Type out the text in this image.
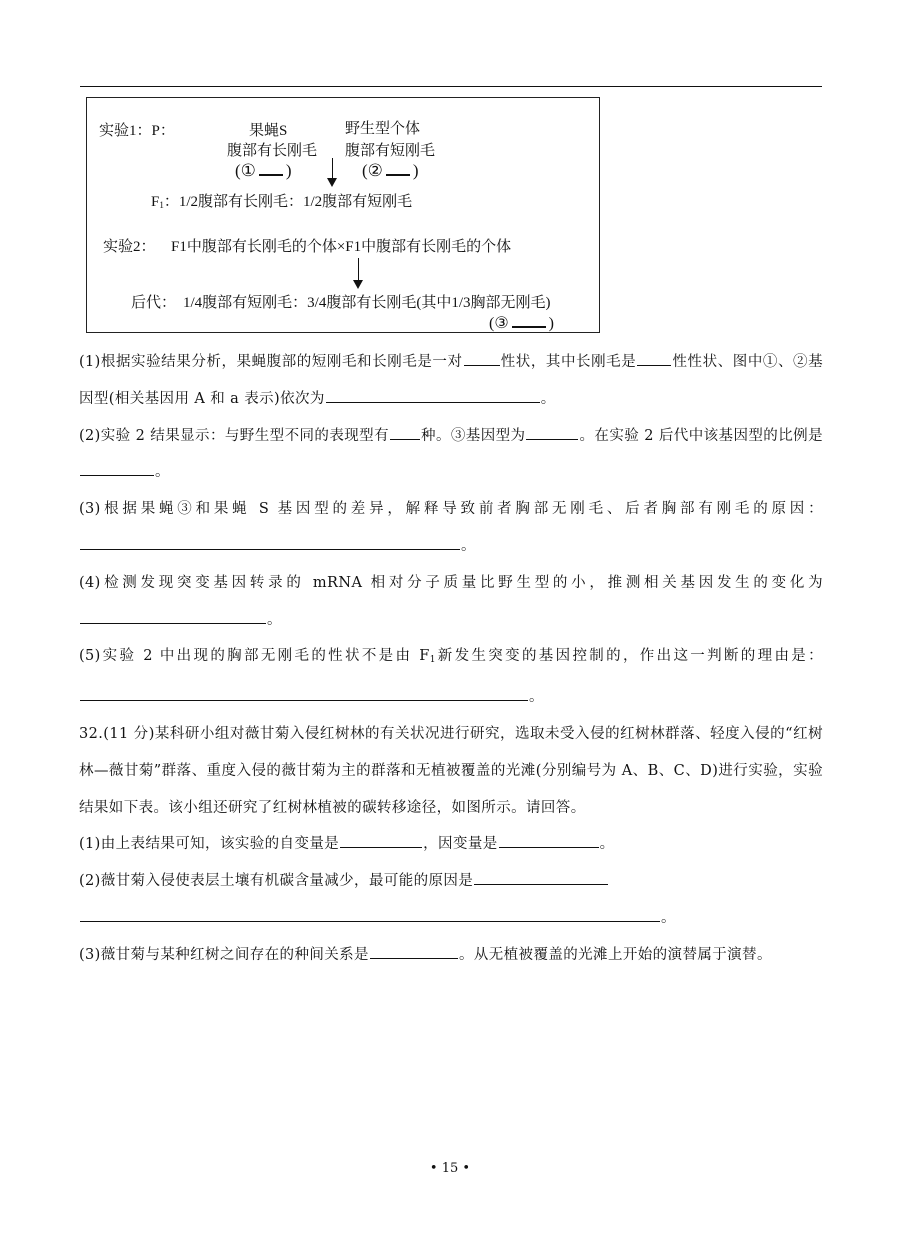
实验1：P：	果蝇S
腹部有长刚毛
(① )
野生型个体
腹部有短刚毛
(② )
$F_1$：1/2腹部有长刚毛：1/2腹部有短刚毛
实验2： F1中腹部有长刚毛的个体×F1中腹部有长刚毛的个体
后代： 1/4腹部有短刚毛：3/4腹部有长刚毛(其中1/3胸部无刚毛)
(③	)

(1)根据实验结果分析，果蝇腹部的短刚毛和长刚毛是一对	性状，其中长刚毛是 性性状、图中①、②基因型(相关基因用 A 和 a 表示)依次为	。

(2)实验 2 结果显示：与野生型不同的表现型有 种。③基因型为	。在实验 2 后代中该基因型的比例是。

(3)根据果蝇③和果蝇 S 基因型的差异，解释导致前者胸部无刚毛、后者胸部有刚毛的原因：。

(4)检测发现突变基因转录的 mRNA 相对分子质量比野生型的小，推测相关基因发生的变化为。

(5)实验 2 中出现的胸部无刚毛的性状不是由 $F_1$新发生突变的基因控制的，作出这一判断的理由是：。

32.(11 分)某科研小组对薇甘菊入侵红树林的有关状况进行研究，选取未受入侵的红树林群落、轻度入侵的“红树林—薇甘菊”群落、重度入侵的薇甘菊为主的群落和无植被覆盖的光滩(分别编号为 A、B、C、D)进行实验，实验结果如下表。该小组还研究了红树林植被的碳转移途径，如图所示。请回答。

(1)由上表结果可知，该实验的自变量是	，因变量是	。

(2)薇甘菊入侵使表层土壤有机碳含量减少，最可能的原因是
。

(3)薇甘菊与某种红树之间存在的种间关系是	。从无植被覆盖的光滩上开始的演替属于演替。

• 15 •
